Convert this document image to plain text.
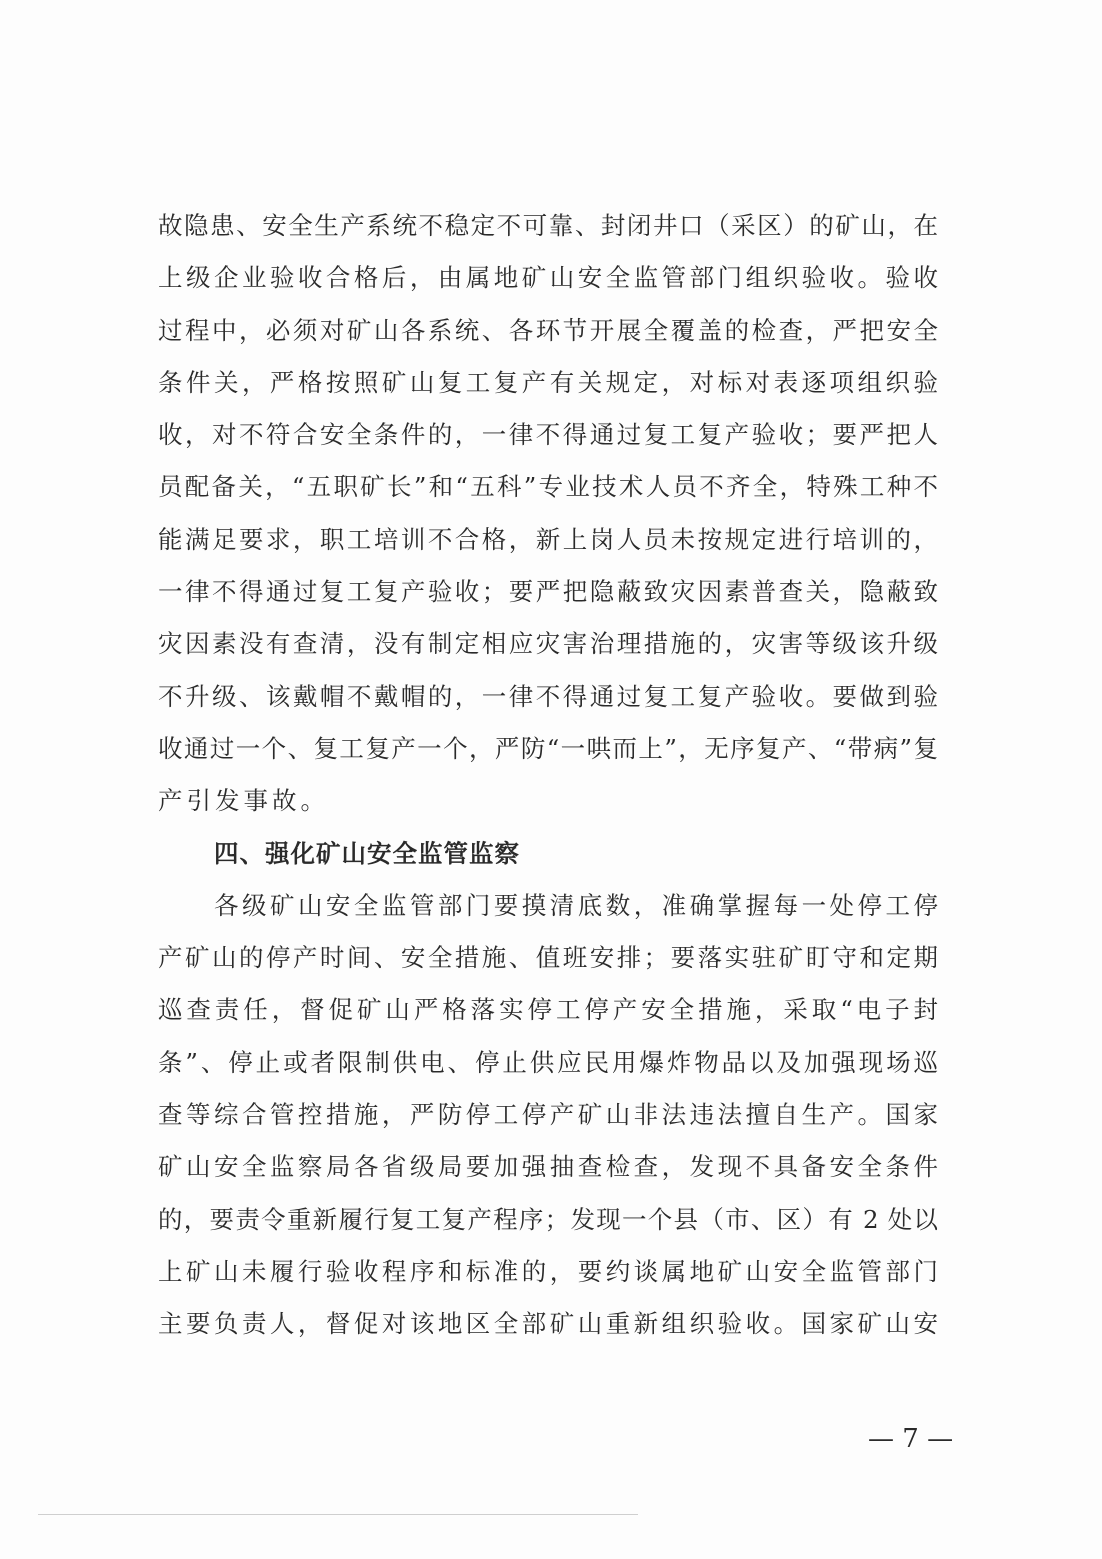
故隐患、安全生产系统不稳定不可靠、封闭井口（采区）的矿山，在
上级企业验收合格后，由属地矿山安全监管部门组织验收。验收
过程中，必须对矿山各系统、各环节开展全覆盖的检查，严把安全
条件关，严格按照矿山复工复产有关规定，对标对表逐项组织验
收，对不符合安全条件的，一律不得通过复工复产验收；要严把人
员配备关，“五职矿长”和“五科”专业技术人员不齐全，特殊工种不
能满足要求，职工培训不合格，新上岗人员未按规定进行培训的，
一律不得通过复工复产验收；要严把隐蔽致灾因素普查关，隐蔽致
灾因素没有查清，没有制定相应灾害治理措施的，灾害等级该升级
不升级、该戴帽不戴帽的，一律不得通过复工复产验收。要做到验
收通过一个、复工复产一个，严防“一哄而上”，无序复产、“带病”复
产引发事故。
四、强化矿山安全监管监察
各级矿山安全监管部门要摸清底数，准确掌握每一处停工停
产矿山的停产时间、安全措施、值班安排；要落实驻矿盯守和定期
巡查责任，督促矿山严格落实停工停产安全措施，采取“电子封
条”、停止或者限制供电、停止供应民用爆炸物品以及加强现场巡
查等综合管控措施，严防停工停产矿山非法违法擅自生产。国家
矿山安全监察局各省级局要加强抽查检查，发现不具备安全条件
的，要责令重新履行复工复产程序；发现一个县（市、区）有 2 处以
上矿山未履行验收程序和标准的，要约谈属地矿山安全监管部门
主要负责人，督促对该地区全部矿山重新组织验收。国家矿山安
— 7 —
